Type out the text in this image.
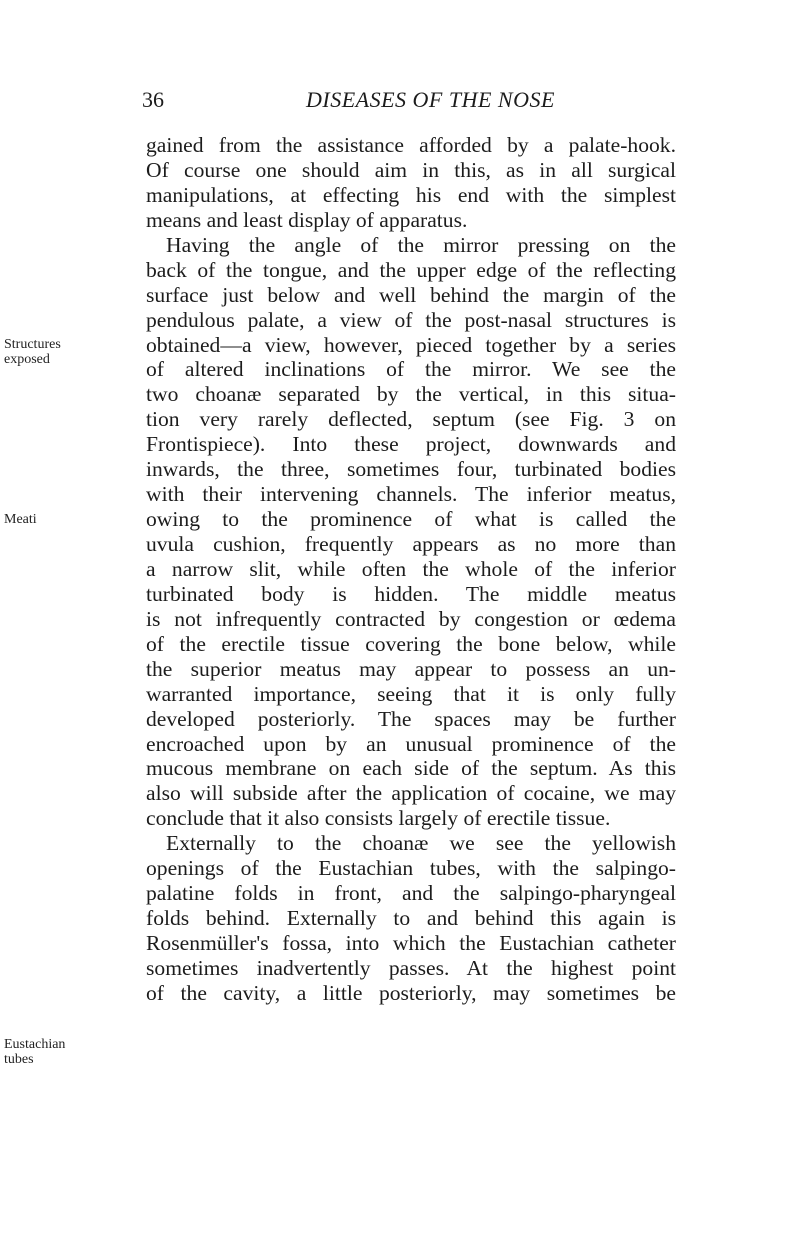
36	DISEASES OF THE NOSE
Structures
exposed
Meati
Eustachian
tubes
gained from the assistance afforded by a palate-hook.
Of course one should aim in this, as in all surgical
manipulations, at effecting his end with the simplest
means and least display of apparatus.
Having the angle of the mirror pressing on the
back of the tongue, and the upper edge of the reflecting
surface just below and well behind the margin of the
pendulous palate, a view of the post-nasal structures is
obtained—a view, however, pieced together by a series
of altered inclinations of the mirror. We see the
two choanæ separated by the vertical, in this situa-
tion very rarely deflected, septum (see Fig. 3 on
Frontispiece). Into these project, downwards and
inwards, the three, sometimes four, turbinated bodies
with their intervening channels. The inferior meatus,
owing to the prominence of what is called the
uvula cushion, frequently appears as no more than
a narrow slit, while often the whole of the inferior
turbinated body is hidden. The middle meatus
is not infrequently contracted by congestion or œdema
of the erectile tissue covering the bone below, while
the superior meatus may appear to possess an un-
warranted importance, seeing that it is only fully
developed posteriorly. The spaces may be further
encroached upon by an unusual prominence of the
mucous membrane on each side of the septum. As this
also will subside after the application of cocaine, we may
conclude that it also consists largely of erectile tissue.
Externally to the choanæ we see the yellowish
openings of the Eustachian tubes, with the salpingo-
palatine folds in front, and the salpingo-pharyngeal
folds behind. Externally to and behind this again is
Rosenmüller's fossa, into which the Eustachian catheter
sometimes inadvertently passes. At the highest point
of the cavity, a little posteriorly, may sometimes be
